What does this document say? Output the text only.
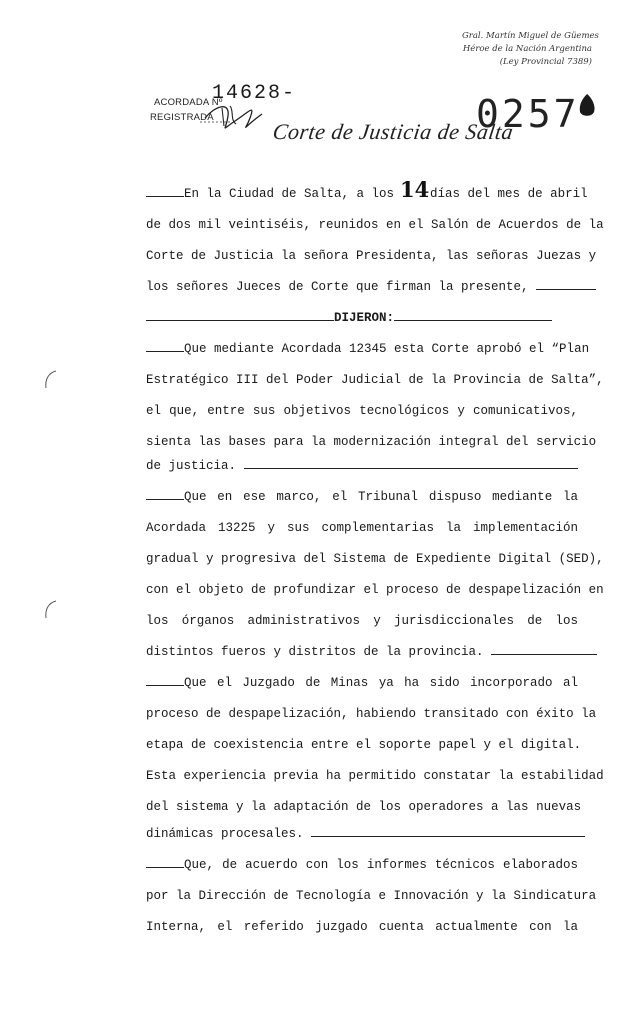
Gral. Martín Miguel de Güemes
Héroe de la Nación Argentina
(Ley Provincial 7389)
ACORDADA Nº
REGISTRADA
14628-
Corte de Justicia de Salta
0257
En la Ciudad de Salta, a los	días del mes de abril
14
de dos mil veintiséis, reunidos en el Salón de Acuerdos de la
Corte de Justicia la señora Presidenta, las señoras Juezas y
los señores Jueces de Corte que firman la presente,
DIJERON:
Que mediante Acordada 12345 esta Corte aprobó el “Plan
Estratégico III del Poder Judicial de la Provincia de Salta”,
el que, entre sus objetivos tecnológicos y comunicativos,
sienta las bases para la modernización integral del servicio
de justicia.
Que en ese marco, el Tribunal dispuso mediante la
Acordada 13225 y sus complementarias la implementación
gradual y progresiva del Sistema de Expediente Digital (SED),
con el objeto de profundizar el proceso de despapelización en
los órganos administrativos y jurisdiccionales de los
distintos fueros y distritos de la provincia.
Que el Juzgado de Minas ya ha sido incorporado al
proceso de despapelización, habiendo transitado con éxito la
etapa de coexistencia entre el soporte papel y el digital.
Esta experiencia previa ha permitido constatar la estabilidad
del sistema y la adaptación de los operadores a las nuevas
dinámicas procesales.
Que, de acuerdo con los informes técnicos elaborados
por la Dirección de Tecnología e Innovación y la Sindicatura
Interna, el referido juzgado cuenta actualmente con la
